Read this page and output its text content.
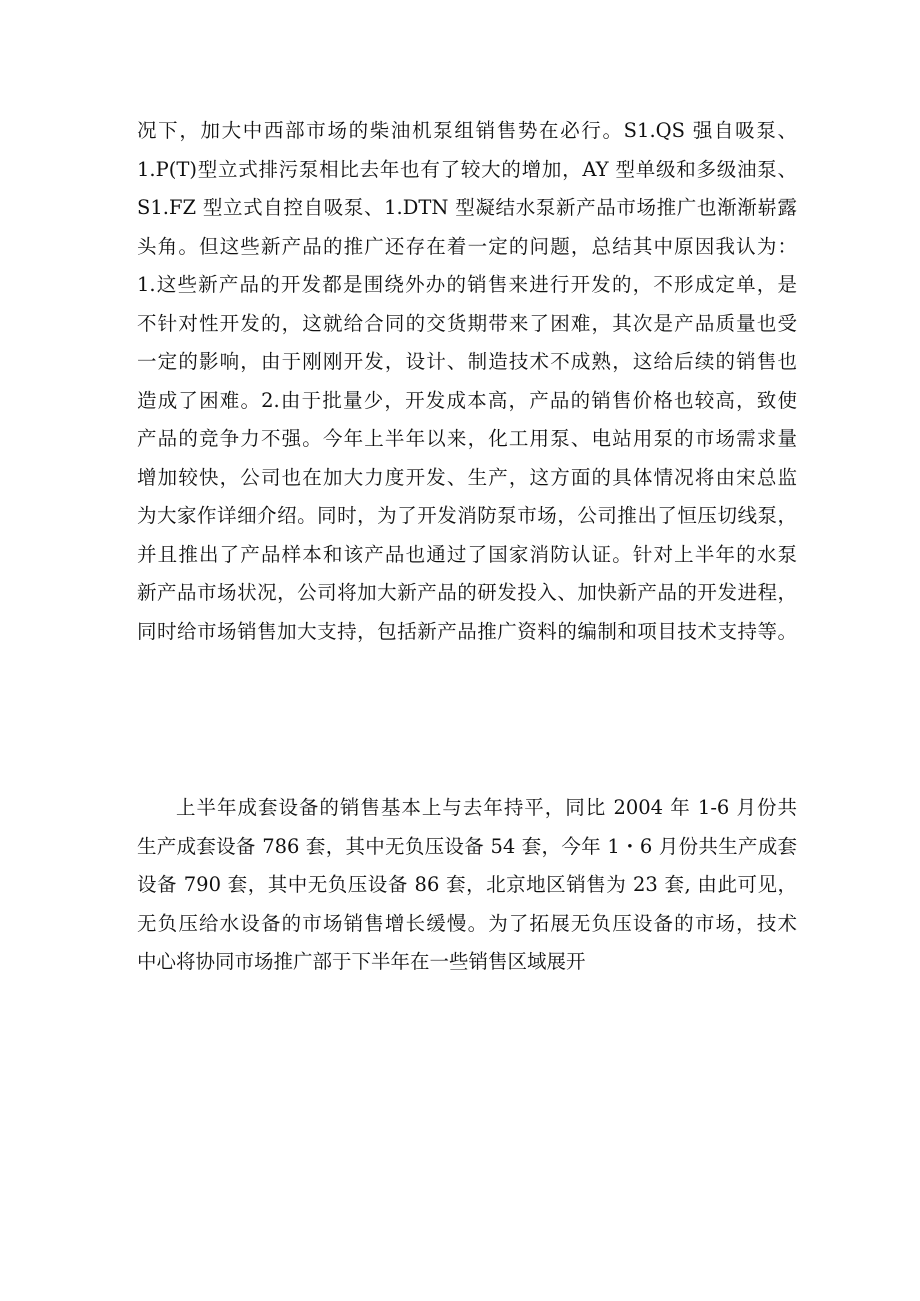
况下，加大中西部市场的柴油机泵组销售势在必行。S1.QS 强自吸泵、
1.P(T)型立式排污泵相比去年也有了较大的增加，AY 型单级和多级油泵、
S1.FZ 型立式自控自吸泵、1.DTN 型凝结水泵新产品市场推广也渐渐崭露
头角。但这些新产品的推广还存在着一定的问题，总结其中原因我认为：
1.这些新产品的开发都是围绕外办的销售来进行开发的，不形成定单，是
不针对性开发的，这就给合同的交货期带来了困难，其次是产品质量也受
一定的影响，由于刚刚开发，设计、制造技术不成熟，这给后续的销售也
造成了困难。2.由于批量少，开发成本高，产品的销售价格也较高，致使
产品的竞争力不强。今年上半年以来，化工用泵、电站用泵的市场需求量
增加较快，公司也在加大力度开发、生产，这方面的具体情况将由宋总监
为大家作详细介绍。同时，为了开发消防泵市场，公司推出了恒压切线泵，
并且推出了产品样本和该产品也通过了国家消防认证。针对上半年的水泵
新产品市场状况，公司将加大新产品的研发投入、加快新产品的开发进程，
同时给市场销售加大支持，包括新产品推广资料的编制和项目技术支持等。
上半年成套设备的销售基本上与去年持平，同比 2004 年 1-6 月份共
生产成套设备 786 套，其中无负压设备 54 套，今年 1・6 月份共生产成套
设备 790 套，其中无负压设备 86 套，北京地区销售为 23 套, 由此可见，
无负压给水设备的市场销售增长缓慢。为了拓展无负压设备的市场，技术
中心将协同市场推广部于下半年在一些销售区域展开
